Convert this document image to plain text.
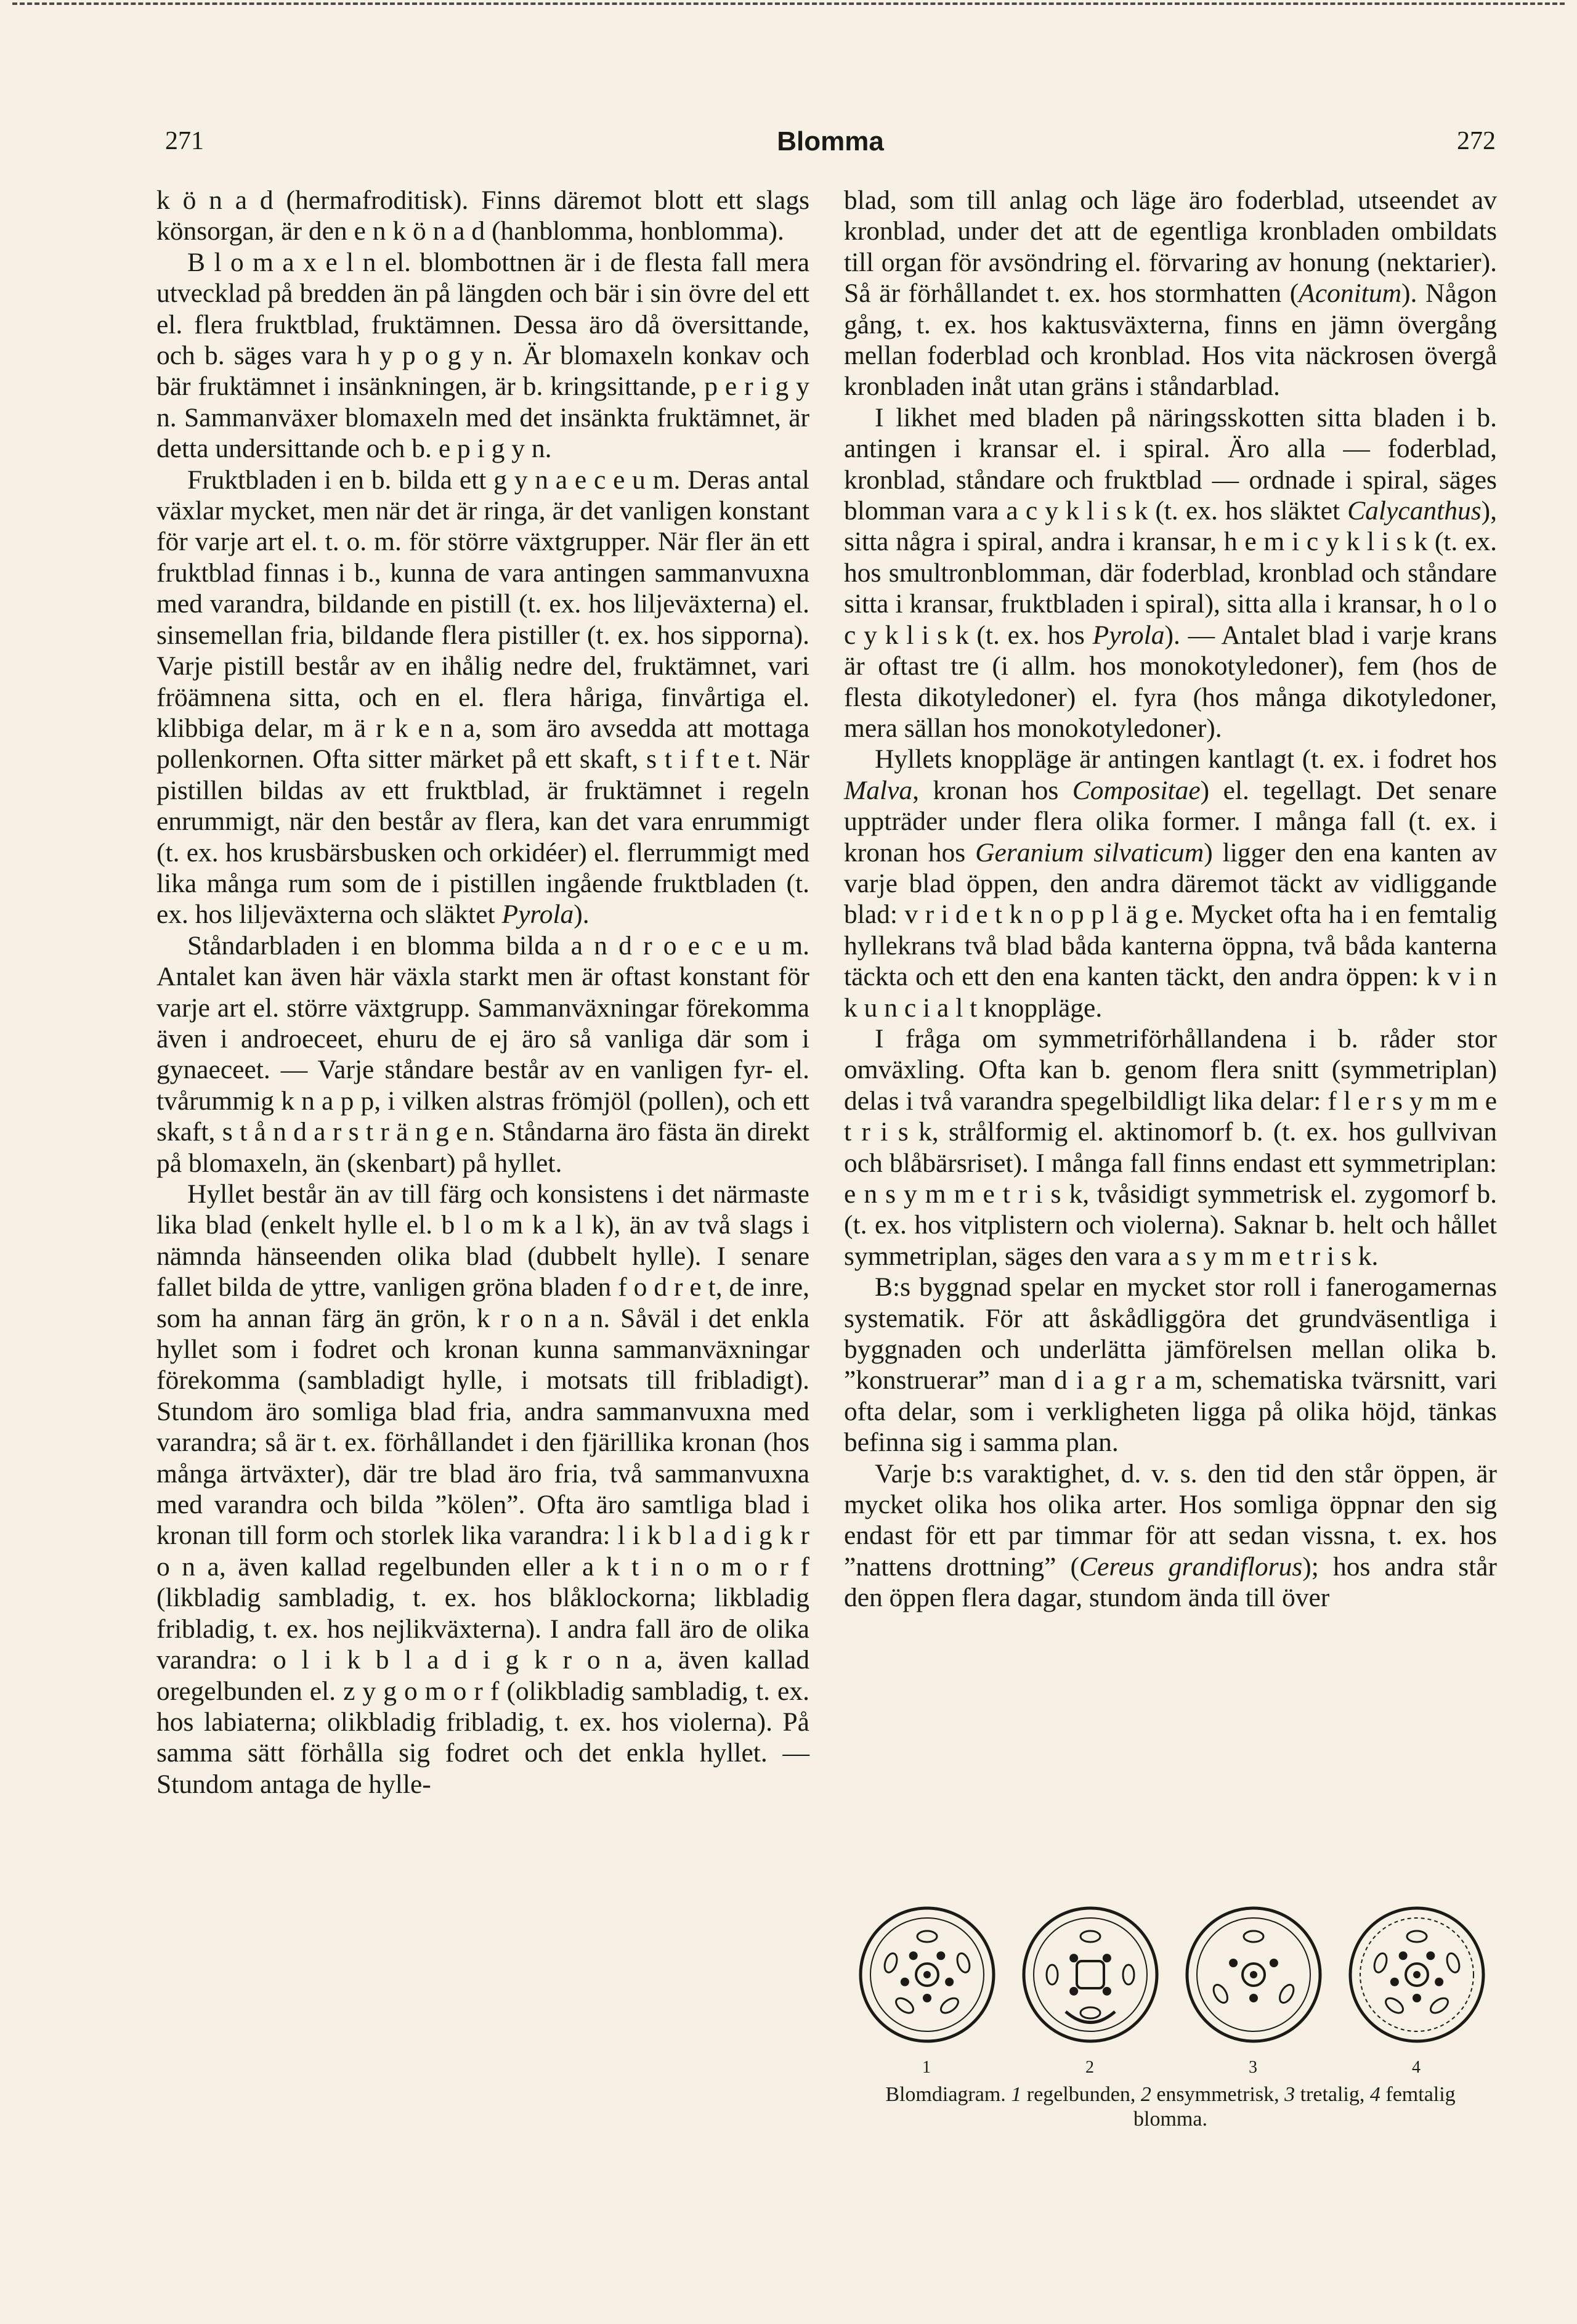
271	Blomma	272

k ö n a d (hermafroditisk). Finns däremot blott ett slags könsorgan, är den e n k ö n a d (hanblomma, honblomma).

B l o m a x e l n el. blombottnen är i de flesta fall mera utvecklad på bredden än på längden och bär i sin övre del ett el. flera fruktblad, fruktämnen. Dessa äro då översittande, och b. säges vara h y p o g y n. Är blomaxeln konkav och bär fruktämnet i insänkningen, är b. kringsittande, p e r i g y n. Sammanväxer blomaxeln med det insänkta fruktämnet, är detta undersittande och b. e p i g y n.

Fruktbladen i en b. bilda ett g y n a e c e u m. Deras antal växlar mycket, men när det är ringa, är det vanligen konstant för varje art el. t. o. m. för större växtgrupper. När fler än ett fruktblad finnas i b., kunna de vara antingen sammanvuxna med varandra, bildande en pistill (t. ex. hos liljeväxterna) el. sinsemellan fria, bildande flera pistiller (t. ex. hos sipporna). Varje pistill består av en ihålig nedre del, fruktämnet, vari fröämnena sitta, och en el. flera håriga, finvårtiga el. klibbiga delar, m ä r k e n a, som äro avsedda att mottaga pollenkornen. Ofta sitter märket på ett skaft, s t i f t e t. När pistillen bildas av ett fruktblad, är fruktämnet i regeln enrummigt, när den består av flera, kan det vara enrummigt (t. ex. hos krusbärsbusken och orkidéer) el. flerrummigt med lika många rum som de i pistillen ingående fruktbladen (t. ex. hos liljeväxterna och släktet Pyrola).

Ståndarbladen i en blomma bilda a n d r o e c e u m. Antalet kan även här växla starkt men är oftast konstant för varje art el. större växtgrupp. Sammanväxningar förekomma även i androeceet, ehuru de ej äro så vanliga där som i gynaeceet. — Varje ståndare består av en vanligen fyr- el. tvårummig k n a p p, i vilken alstras frömjöl (pollen), och ett skaft, s t å n d a r s t r ä n g e n. Ståndarna äro fästa än direkt på blomaxeln, än (skenbart) på hyllet.

Hyllet består än av till färg och konsistens i det närmaste lika blad (enkelt hylle el. b l o m k a l k), än av två slags i nämnda hänseenden olika blad (dubbelt hylle). I senare fallet bilda de yttre, vanligen gröna bladen f o d r e t, de inre, som ha annan färg än grön, k r o n a n. Såväl i det enkla hyllet som i fodret och kronan kunna sammanväxningar förekomma (sambladigt hylle, i motsats till fribladigt). Stundom äro somliga blad fria, andra sammanvuxna med varandra; så är t. ex. förhållandet i den fjärillika kronan (hos många ärtväxter), där tre blad äro fria, två sammanvuxna med varandra och bilda ”kölen”. Ofta äro samtliga blad i kronan till form och storlek lika varandra: l i k b l a d i g k r o n a, även kallad regelbunden eller a k t i n o m o r f (likbladig sambladig, t. ex. hos blåklockorna; likbladig fribladig, t. ex. hos nejlikväxterna). I andra fall äro de olika varandra: o l i k b l a d i g k r o n a, även kallad oregelbunden el. z y g o m o r f (olikbladig sambladig, t. ex. hos labiaterna; olikbladig fribladig, t. ex. hos violerna). På samma sätt förhålla sig fodret och det enkla hyllet. — Stundom antaga de hylle-

blad, som till anlag och läge äro foderblad, utseendet av kronblad, under det att de egentliga kronbladen ombildats till organ för avsöndring el. förvaring av honung (nektarier). Så är förhållandet t. ex. hos stormhatten (Aconitum). Någon gång, t. ex. hos kaktusväxterna, finns en jämn övergång mellan foderblad och kronblad. Hos vita näckrosen övergå kronbladen inåt utan gräns i ståndarblad.

I likhet med bladen på näringsskotten sitta bladen i b. antingen i kransar el. i spiral. Äro alla — foderblad, kronblad, ståndare och fruktblad — ordnade i spiral, säges blomman vara a c y k l i s k (t. ex. hos släktet Calycanthus), sitta några i spiral, andra i kransar, h e m i c y k l i s k (t. ex. hos smultronblomman, där foderblad, kronblad och ståndare sitta i kransar, fruktbladen i spiral), sitta alla i kransar, h o l o c y k l i s k (t. ex. hos Pyrola). — Antalet blad i varje krans är oftast tre (i allm. hos monokotyledoner), fem (hos de flesta dikotyledoner) el. fyra (hos många dikotyledoner, mera sällan hos monokotyledoner).

Hyllets knoppläge är antingen kantlagt (t. ex. i fodret hos Malva, kronan hos Compositae) el. tegellagt. Det senare uppträder under flera olika former. I många fall (t. ex. i kronan hos Geranium silvaticum) ligger den ena kanten av varje blad öppen, den andra däremot täckt av vidliggande blad: v r i d e t k n o p p l ä g e. Mycket ofta ha i en femtalig hyllekrans två blad båda kanterna öppna, två båda kanterna täckta och ett den ena kanten täckt, den andra öppen: k v i n k u n c i a l t knoppläge.

I fråga om symmetriförhållandena i b. råder stor omväxling. Ofta kan b. genom flera snitt (symmetriplan) delas i två varandra spegelbildligt lika delar: f l e r s y m m e t r i s k, strålformig el. aktinomorf b. (t. ex. hos gullvivan och blåbärsriset). I många fall finns endast ett symmetriplan: e n s y m m e t r i s k, tvåsidigt symmetrisk el. zygomorf b. (t. ex. hos vitplistern och violerna). Saknar b. helt och hållet symmetriplan, säges den vara a s y m m e t r i s k.

B:s byggnad spelar en mycket stor roll i fanerogamernas systematik. För att åskådliggöra det grundväsentliga i byggnaden och underlätta jämförelsen mellan olika b. ”konstruerar” man d i a g r a m, schematiska tvärsnitt, vari ofta delar, som i verkligheten ligga på olika höjd, tänkas befinna sig i samma plan.

Varje b:s varaktighet, d. v. s. den tid den står öppen, är mycket olika hos olika arter. Hos somliga öppnar den sig endast för ett par timmar för att sedan vissna, t. ex. hos ”nattens drottning” (Cereus grandiflorus); hos andra står den öppen flera dagar, stundom ända till över

1	2	3	4
Blomdiagram. 1 regelbunden, 2 ensymmetrisk, 3 tretalig, 4 femtalig blomma.
